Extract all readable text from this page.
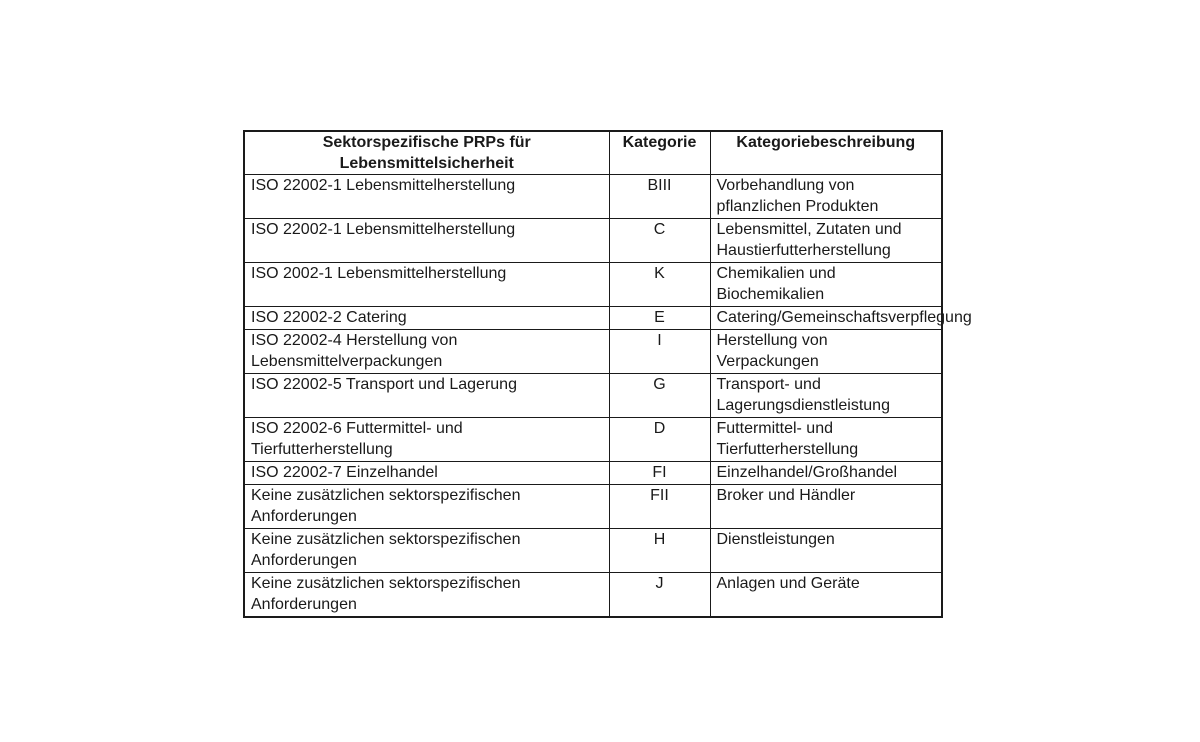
Sektorspezifische PRPs für Lebensmittelsicherheit	Kategorie	Kategoriebeschreibung
ISO 22002-1 Lebensmittelherstellung	BIII	Vorbehandlung von pflanzlichen Produkten
ISO 22002-1 Lebensmittelherstellung	C	Lebensmittel, Zutaten und Haustierfutterherstellung
ISO 2002-1 Lebensmittelherstellung	K	Chemikalien und Biochemikalien
ISO 22002-2 Catering	E	Catering/Gemeinschaftsverpflegung
ISO 22002-4 Herstellung von Lebensmittelverpackungen	I	Herstellung von Verpackungen
ISO 22002-5 Transport und Lagerung	G	Transport- und Lagerungsdienstleistung
ISO 22002-6 Futtermittel- und Tierfutterherstellung	D	Futtermittel- und Tierfutterherstellung
ISO 22002-7 Einzelhandel	FI	Einzelhandel/Großhandel
Keine zusätzlichen sektorspezifischen Anforderungen	FII	Broker und Händler
Keine zusätzlichen sektorspezifischen Anforderungen	H	Dienstleistungen
Keine zusätzlichen sektorspezifischen Anforderungen	J	Anlagen und Geräte
